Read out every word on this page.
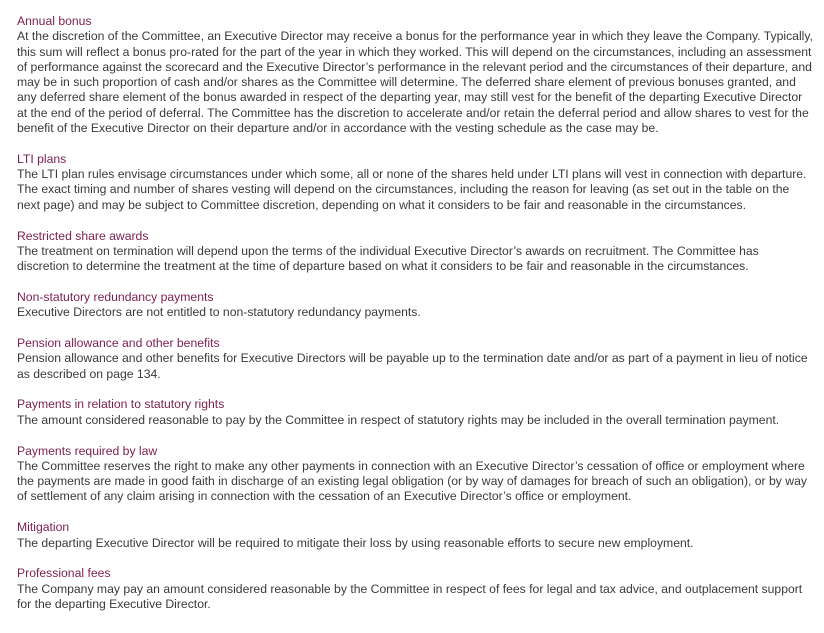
Annual bonus

At the discretion of the Committee, an Executive Director may receive a bonus for the performance year in which they leave the Company. Typically, this sum will reflect a bonus pro-rated for the part of the year in which they worked. This will depend on the circumstances, including an assessment of performance against the scorecard and the Executive Director’s performance in the relevant period and the circumstances of their departure, and may be in such proportion of cash and/or shares as the Committee will determine. The deferred share element of previous bonuses granted, and any deferred share element of the bonus awarded in respect of the departing year, may still vest for the benefit of the departing Executive Director at the end of the period of deferral. The Committee has the discretion to accelerate and/or retain the deferral period and allow shares to vest for the benefit of the Executive Director on their departure and/or in accordance with the vesting schedule as the case may be.

LTI plans

The LTI plan rules envisage circumstances under which some, all or none of the shares held under LTI plans will vest in connection with departure. The exact timing and number of shares vesting will depend on the circumstances, including the reason for leaving (as set out in the table on the next page) and may be subject to Committee discretion, depending on what it considers to be fair and reasonable in the circumstances.

Restricted share awards

The treatment on termination will depend upon the terms of the individual Executive Director’s awards on recruitment. The Committee has discretion to determine the treatment at the time of departure based on what it considers to be fair and reasonable in the circumstances.

Non-statutory redundancy payments

Executive Directors are not entitled to non-statutory redundancy payments.

Pension allowance and other benefits

Pension allowance and other benefits for Executive Directors will be payable up to the termination date and/or as part of a payment in lieu of notice as described on page 134.

Payments in relation to statutory rights

The amount considered reasonable to pay by the Committee in respect of statutory rights may be included in the overall termination payment.

Payments required by law

The Committee reserves the right to make any other payments in connection with an Executive Director’s cessation of office or employment where the payments are made in good faith in discharge of an existing legal obligation (or by way of damages for breach of such an obligation), or by way of settlement of any claim arising in connection with the cessation of an Executive Director’s office or employment.

Mitigation

The departing Executive Director will be required to mitigate their loss by using reasonable efforts to secure new employment.

Professional fees

The Company may pay an amount considered reasonable by the Committee in respect of fees for legal and tax advice, and outplacement support for the departing Executive Director.
